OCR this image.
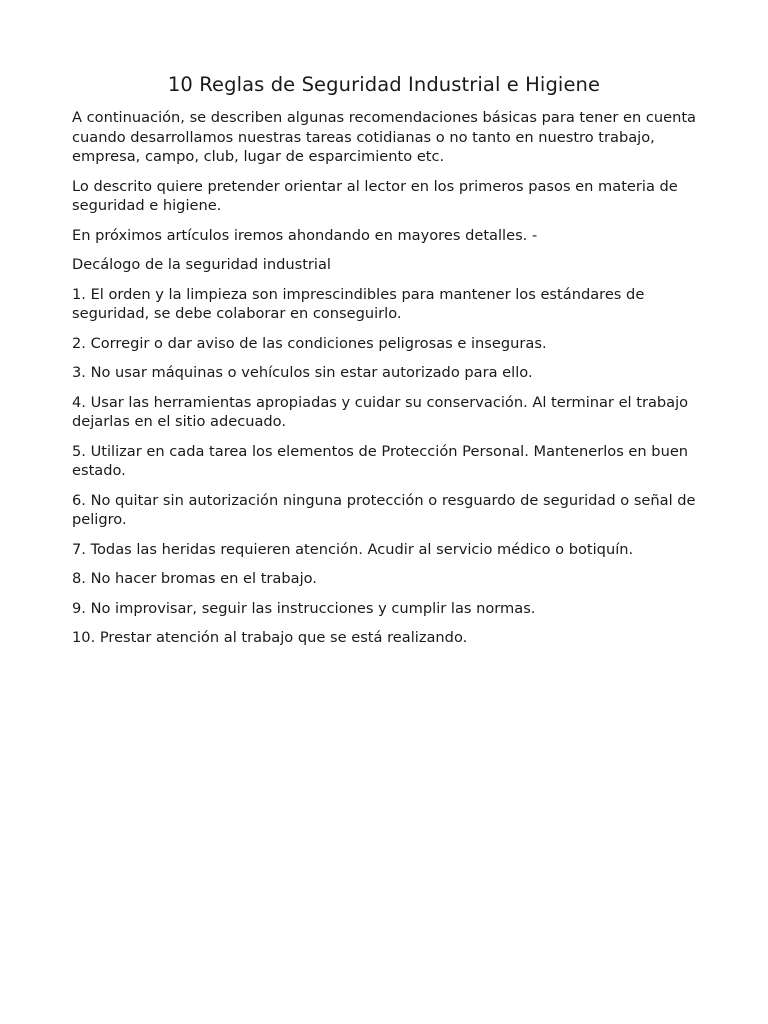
10 Reglas de Seguridad Industrial e Higiene

A continuación, se describen algunas recomendaciones básicas para tener en cuenta cuando desarrollamos nuestras tareas cotidianas o no tanto en nuestro trabajo, empresa, campo, club, lugar de esparcimiento etc.

Lo descrito quiere pretender orientar al lector en los primeros pasos en materia de seguridad e higiene.

En próximos artículos iremos ahondando en mayores detalles. -

Decálogo de la seguridad industrial

1. El orden y la limpieza son imprescindibles para mantener los estándares de seguridad, se debe colaborar en conseguirlo.

2. Corregir o dar aviso de las condiciones peligrosas e inseguras.

3. No usar máquinas o vehículos sin estar autorizado para ello.

4. Usar las herramientas apropiadas y cuidar su conservación. Al terminar el trabajo dejarlas en el sitio adecuado.

5. Utilizar en cada tarea los elementos de Protección Personal. Mantenerlos en buen estado.

6. No quitar sin autorización ninguna protección o resguardo de seguridad o señal de peligro.

7. Todas las heridas requieren atención. Acudir al servicio médico o botiquín.

8. No hacer bromas en el trabajo.

9. No improvisar, seguir las instrucciones y cumplir las normas.

10. Prestar atención al trabajo que se está realizando.
